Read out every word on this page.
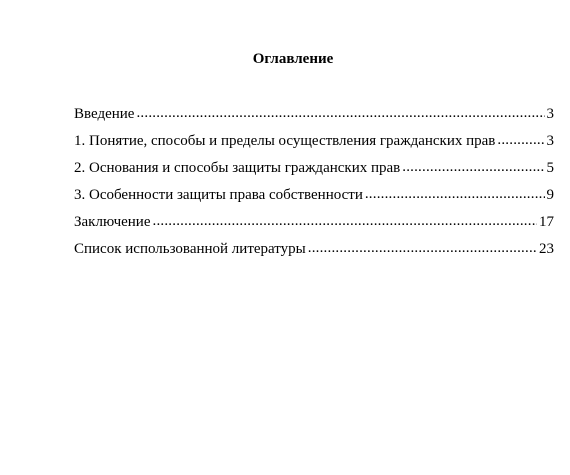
Оглавление
Введение .....	3
1. Понятие, способы и пределы осуществления гражданских прав .....	3
2. Основания и способы защиты гражданских прав .....	5
3. Особенности защиты права собственности .....	9
Заключение .....	17
Список использованной литературы .....	23
